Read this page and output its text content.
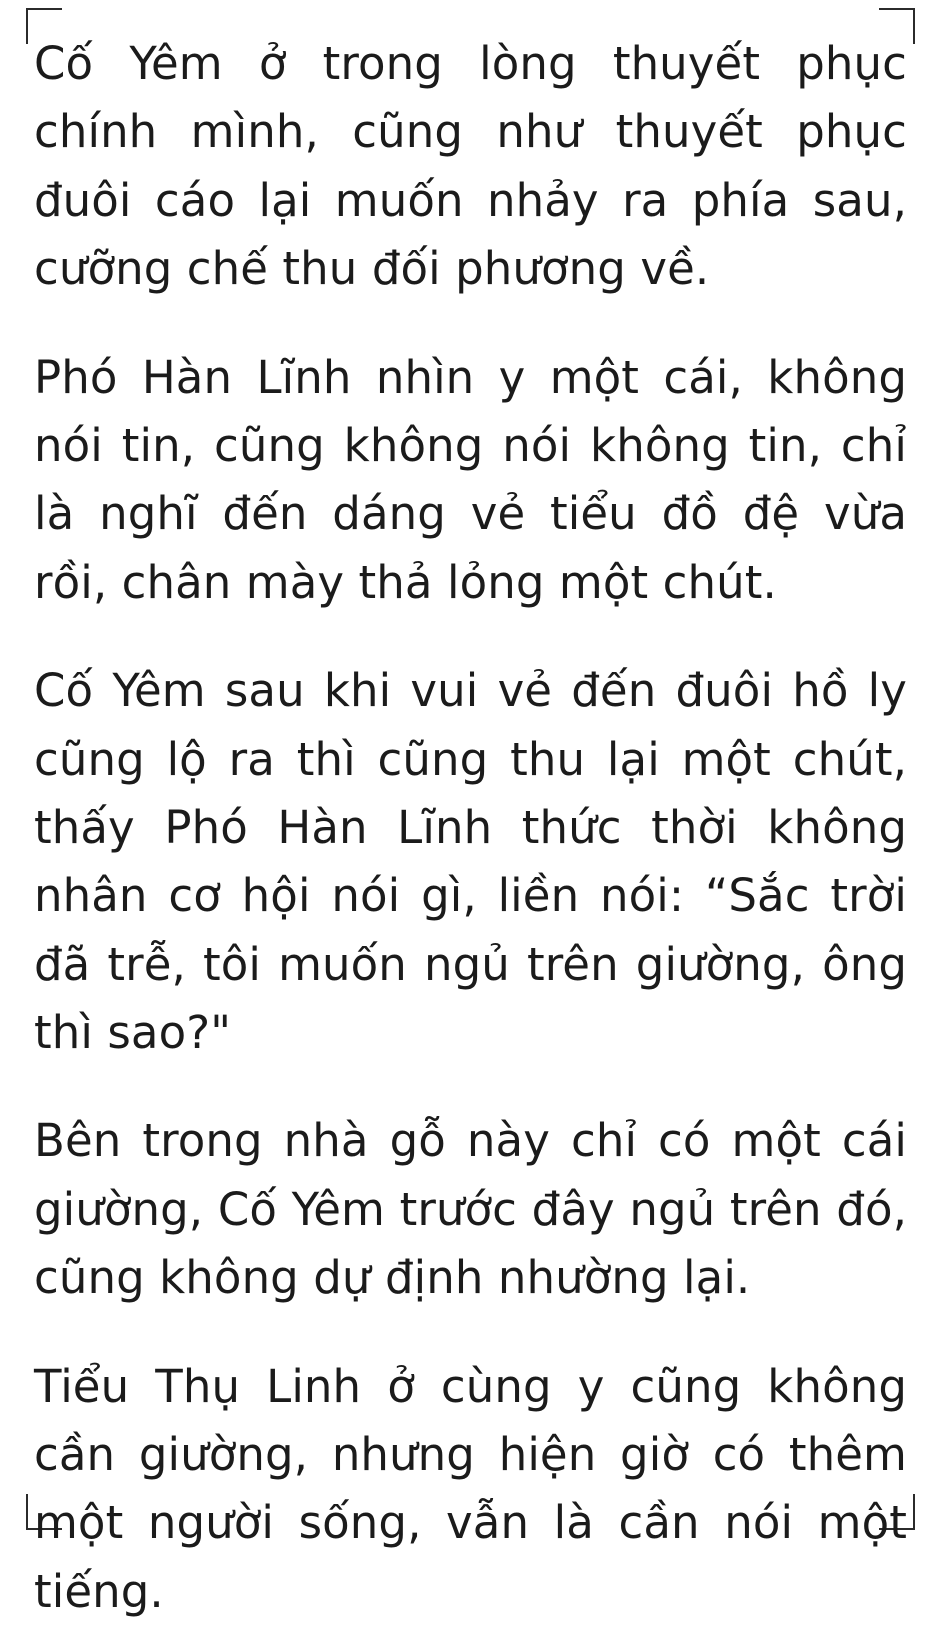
Cố Yêm ở trong lòng thuyết phục chính mình, cũng như thuyết phục đuôi cáo lại muốn nhảy ra phía sau, cưỡng chế thu đối phương về.

Phó Hàn Lĩnh nhìn y một cái, không nói tin, cũng không nói không tin, chỉ là nghĩ đến dáng vẻ tiểu đồ đệ vừa rồi, chân mày thả lỏng một chút.

Cố Yêm sau khi vui vẻ đến đuôi hồ ly cũng lộ ra thì cũng thu lại một chút, thấy Phó Hàn Lĩnh thức thời không nhân cơ hội nói gì, liền nói: “Sắc trời đã trễ, tôi muốn ngủ trên giường, ông thì sao?"

Bên trong nhà gỗ này chỉ có một cái giường, Cố Yêm trước đây ngủ trên đó, cũng không dự định nhường lại.

Tiểu Thụ Linh ở cùng y cũng không cần giường, nhưng hiện giờ có thêm một người sống, vẫn là cần nói một tiếng.
